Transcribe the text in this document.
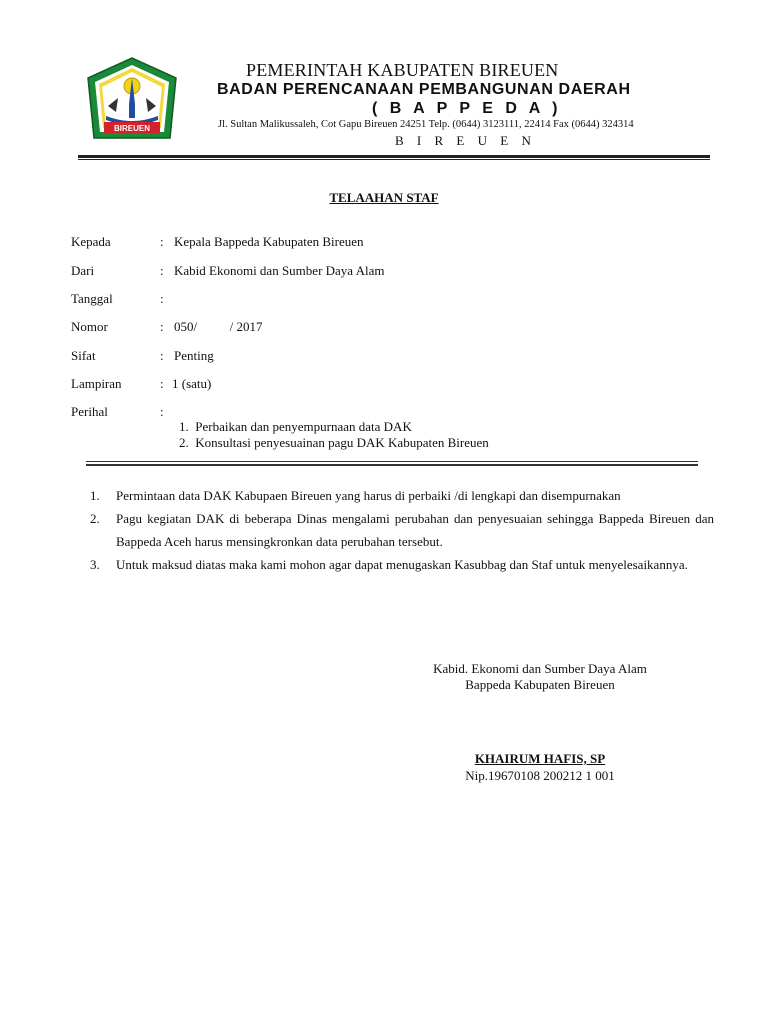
BIREUEN
PEMERINTAH KABUPATEN BIREUEN
BADAN PERENCANAAN PEMBANGUNAN DAERAH
( B A P P E D A )
Jl. Sultan Malikussaleh, Cot Gapu Bireuen 24251 Telp. (0644) 3123111, 22414 Fax (0644) 324314
B I R E U E N
TELAAHAN STAF
Kepada	: Kepala Bappeda Kabupaten Bireuen
Dari	: Kabid Ekonomi dan Sumber Daya Alam
Tanggal	:
Nomor	: 050/          / 2017
Sifat	: Penting
Lampiran	:1 (satu)
Perihal	:
1.  Perbaikan dan penyempurnaan data DAK
2.  Konsultasi penyesuainan pagu DAK Kabupaten Bireuen
1.	Permintaan data DAK Kabupaen Bireuen yang harus di perbaiki /di lengkapi dan disempurnakan
2.	Pagu kegiatan DAK di beberapa Dinas mengalami perubahan dan penyesuaian sehingga Bappeda Bireuen dan Bappeda Aceh harus mensingkronkan data perubahan tersebut.
3.	Untuk maksud diatas maka kami mohon agar dapat menugaskan Kasubbag dan Staf untuk menyelesaikannya.
Kabid. Ekonomi dan Sumber Daya Alam
Bappeda Kabupaten Bireuen
KHAIRUM HAFIS, SP
Nip.19670108 200212 1 001
